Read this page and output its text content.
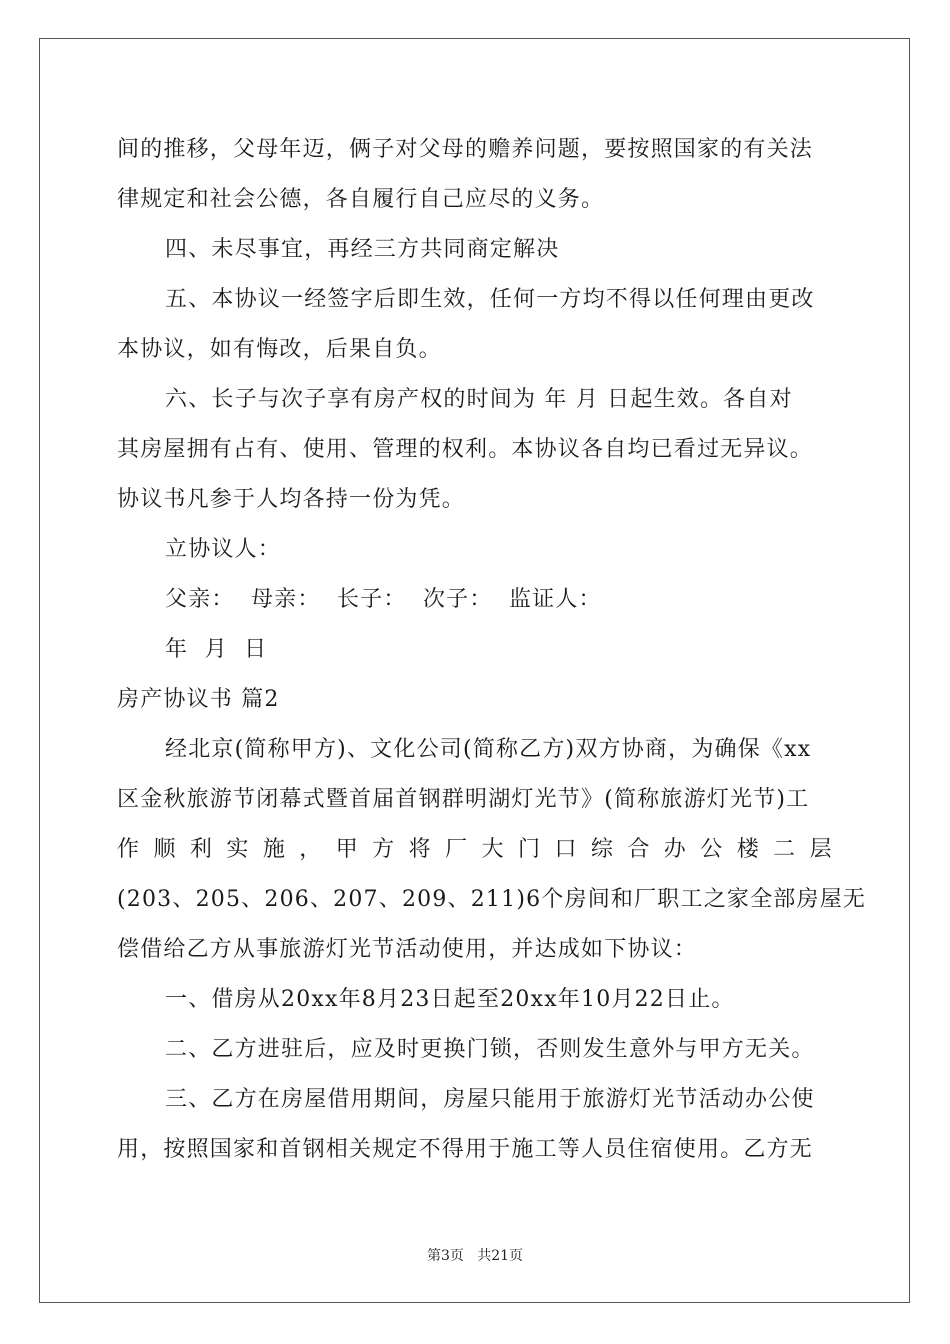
间的推移，父母年迈，俩子对父母的赡养问题，要按照国家的有关法
律规定和社会公德，各自履行自己应尽的义务。
四、未尽事宜，再经三方共同商定解决
五、本协议一经签字后即生效，任何一方均不得以任何理由更改
本协议，如有悔改，后果自负。
六、长子与次子享有房产权的时间为 年 月 日起生效。各自对
其房屋拥有占有、使用、管理的权利。本协议各自均已看过无异议。
协议书凡参于人均各持一份为凭。
立协议人：
父亲：  母亲：  长子：  次子：  监证人：
年  月  日
房产协议书 篇2
经北京(简称甲方)、文化公司(简称乙方)双方协商，为确保《xx
区金秋旅游节闭幕式暨首届首钢群明湖灯光节》(简称旅游灯光节)工
作 顺 利 实 施 ， 甲 方 将 厂 大 门 口 综 合 办 公 楼 二 层
(203、205、206、207、209、211)6个房间和厂职工之家全部房屋无
偿借给乙方从事旅游灯光节活动使用，并达成如下协议：
一、借房从20xx年8月23日起至20xx年10月22日止。
二、乙方进驻后，应及时更换门锁，否则发生意外与甲方无关。
三、乙方在房屋借用期间，房屋只能用于旅游灯光节活动办公使
用，按照国家和首钢相关规定不得用于施工等人员住宿使用。乙方无
第3页   共21页
